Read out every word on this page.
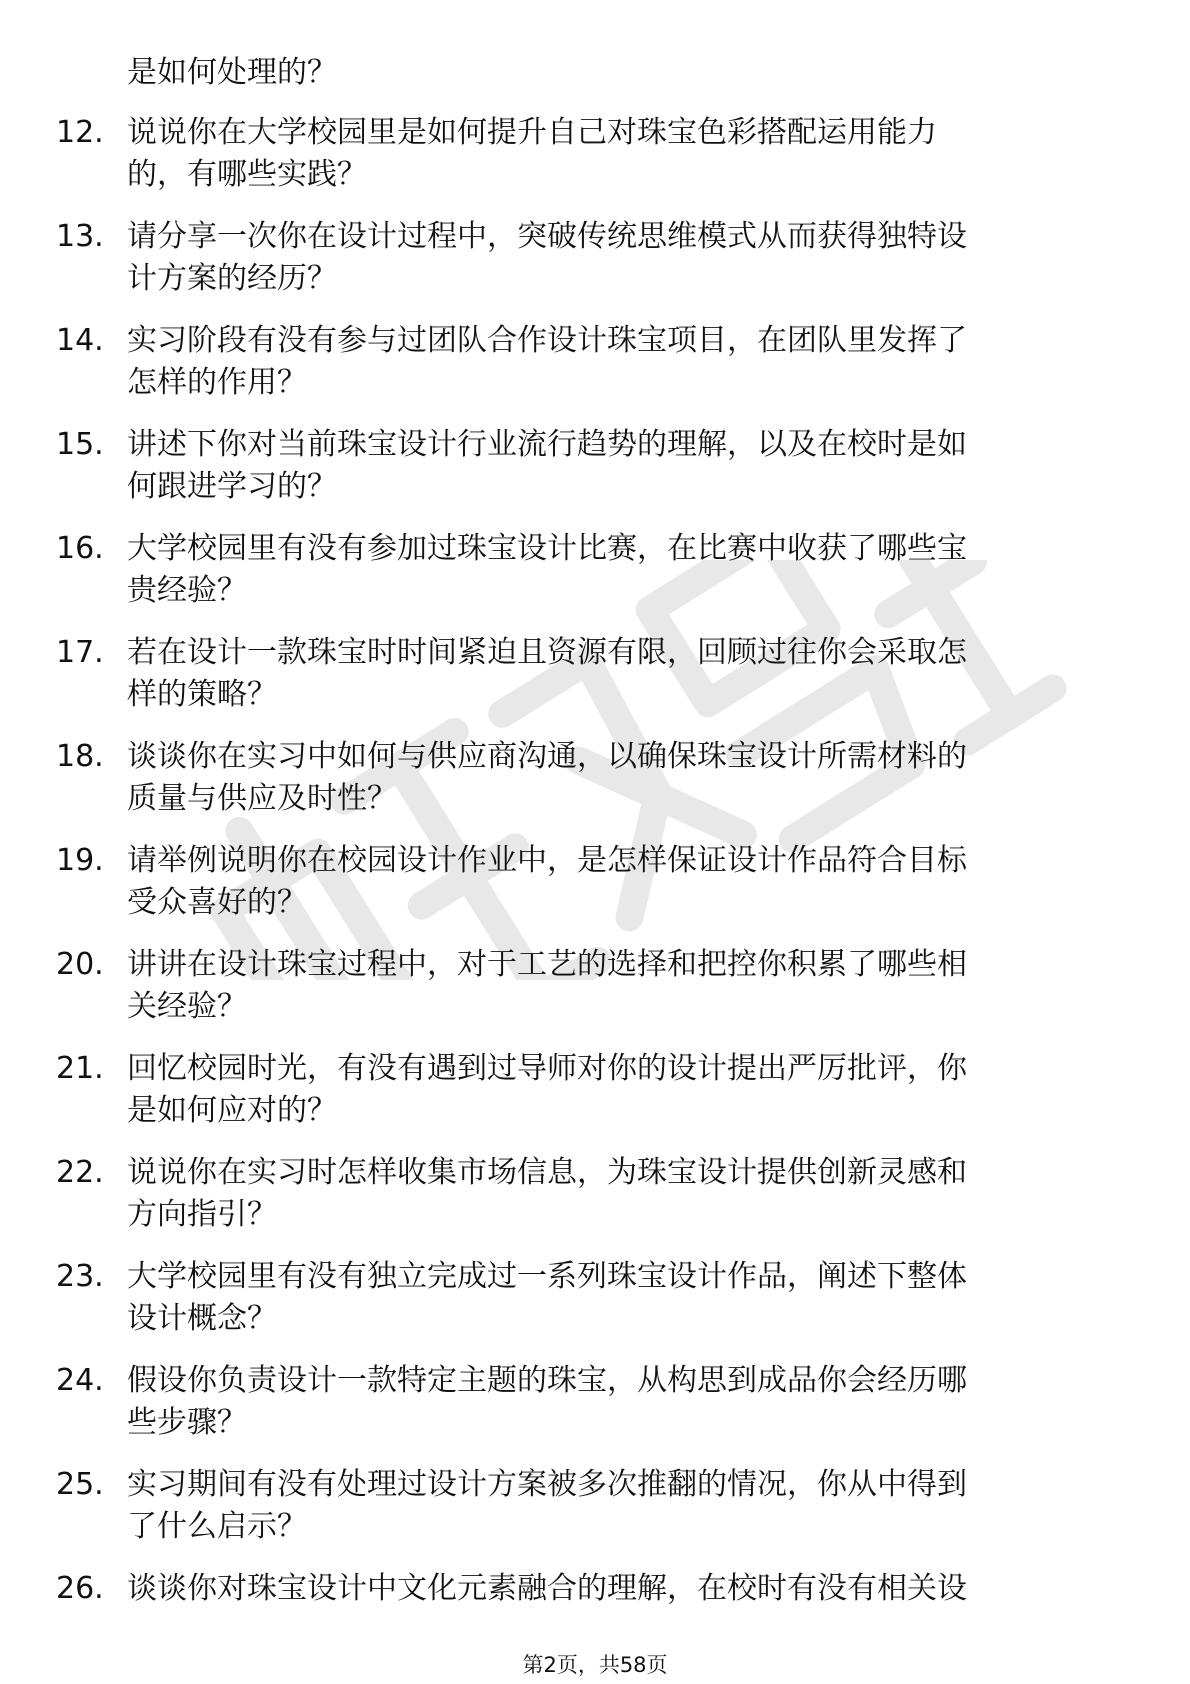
是如何处理的？
12. 说说你在大学校园里是如何提升自己对珠宝色彩搭配运用能力
的，有哪些实践？
13. 请分享一次你在设计过程中，突破传统思维模式从而获得独特设
计方案的经历？
14. 实习阶段有没有参与过团队合作设计珠宝项目，在团队里发挥了
怎样的作用？
15. 讲述下你对当前珠宝设计行业流行趋势的理解，以及在校时是如
何跟进学习的？
16. 大学校园里有没有参加过珠宝设计比赛，在比赛中收获了哪些宝
贵经验？
17. 若在设计一款珠宝时时间紧迫且资源有限，回顾过往你会采取怎
样的策略？
18. 谈谈你在实习中如何与供应商沟通，以确保珠宝设计所需材料的
质量与供应及时性？
19. 请举例说明你在校园设计作业中，是怎样保证设计作品符合目标
受众喜好的？
20. 讲讲在设计珠宝过程中，对于工艺的选择和把控你积累了哪些相
关经验？
21. 回忆校园时光，有没有遇到过导师对你的设计提出严厉批评，你
是如何应对的？
22. 说说你在实习时怎样收集市场信息，为珠宝设计提供创新灵感和
方向指引？
23. 大学校园里有没有独立完成过一系列珠宝设计作品，阐述下整体
设计概念？
24. 假设你负责设计一款特定主题的珠宝，从构思到成品你会经历哪
些步骤？
25. 实习期间有没有处理过设计方案被多次推翻的情况，你从中得到
了什么启示？
26. 谈谈你对珠宝设计中文化元素融合的理解，在校时有没有相关设
第2页，共58页
